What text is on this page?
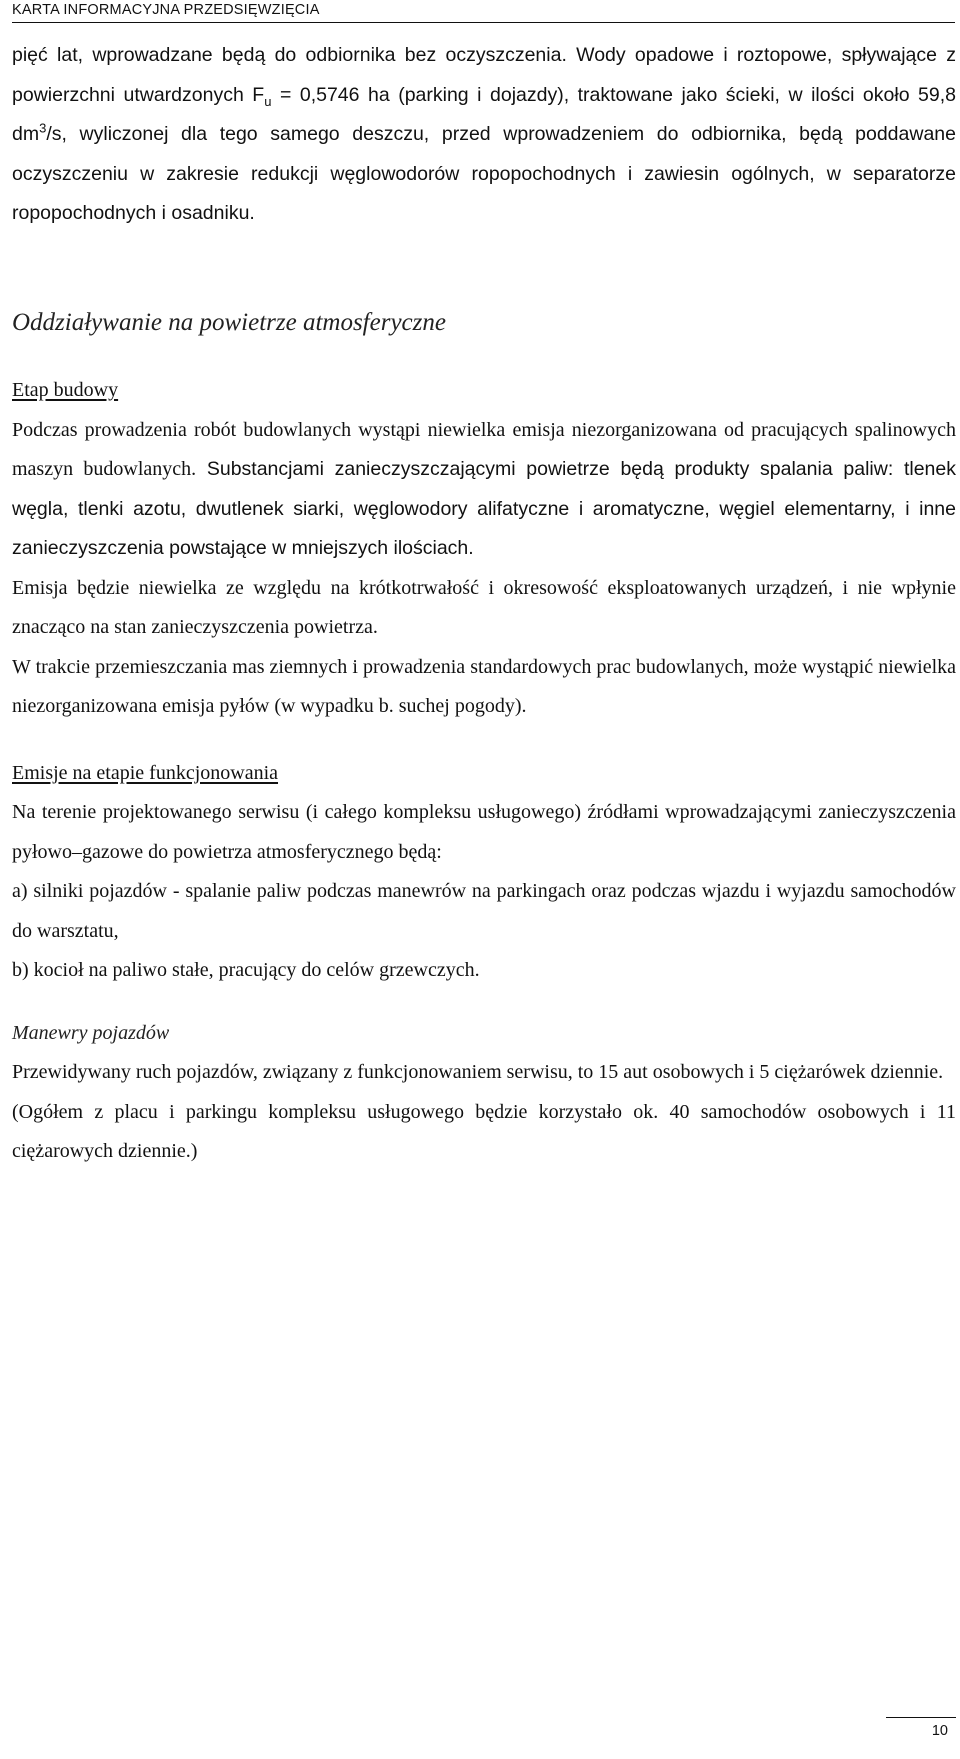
KARTA INFORMACYJNA PRZEDSIĘWZIĘCIA

pięć lat, wprowadzane będą do odbiornika bez oczyszczenia. Wody opadowe i roztopowe, spływające z powierzchni utwardzonych $F_u = 0,5746$ ha (parking i dojazdy), traktowane jako ścieki, w ilości około 59,8 $dm^3/s$, wyliczonej dla tego samego deszczu, przed wprowadzeniem do odbiornika, będą poddawane oczyszczeniu w zakresie redukcji węglowodorów ropopochodnych i zawiesin ogólnych, w separatorze ropopochodnych i osadniku.

Oddziaływanie na powietrze atmosferyczne

Etap budowy

Podczas prowadzenia robót budowlanych wystąpi niewielka emisja niezorganizowana od pracujących spalinowych maszyn budowlanych. Substancjami zanieczyszczającymi powietrze będą produkty spalania paliw: tlenek węgla, tlenki azotu, dwutlenek siarki, węglowodory alifatyczne i aromatyczne, węgiel elementarny, i inne zanieczyszczenia powstające w mniejszych ilościach.

Emisja będzie niewielka ze względu na krótkotrwałość i okresowość eksploatowanych urządzeń, i nie wpłynie znacząco na stan zanieczyszczenia powietrza.

W trakcie przemieszczania mas ziemnych i prowadzenia standardowych prac budowlanych, może wystąpić niewielka niezorganizowana emisja pyłów (w wypadku b. suchej pogody).

Emisje na etapie funkcjonowania

Na terenie projektowanego serwisu (i całego kompleksu usługowego) źródłami wprowadzającymi zanieczyszczenia pyłowo–gazowe do powietrza atmosferycznego będą:

a) silniki pojazdów - spalanie paliw podczas manewrów na parkingach oraz podczas wjazdu i wyjazdu samochodów do warsztatu,

b) kocioł na paliwo stałe, pracujący do celów grzewczych.

Manewry pojazdów

Przewidywany ruch pojazdów, związany z funkcjonowaniem serwisu, to 15 aut osobowych i 5 ciężarówek dziennie.

(Ogółem z placu i parkingu kompleksu usługowego będzie korzystało ok. 40 samochodów osobowych i 11 ciężarowych dziennie.)

10
